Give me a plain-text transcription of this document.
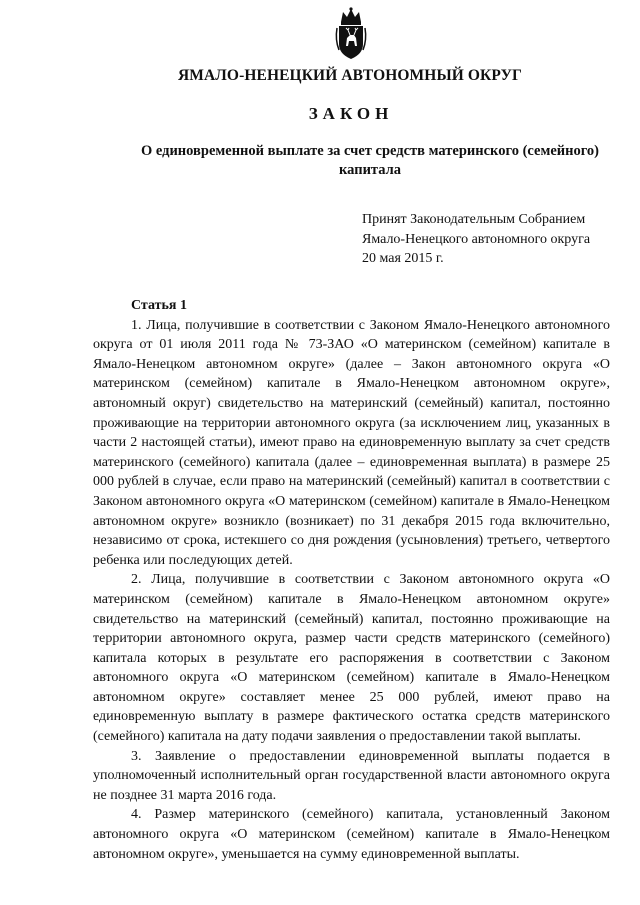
ЯМАЛО-НЕНЕЦКИЙ АВТОНОМНЫЙ ОКРУГ
ЗАКОН
О единовременной выплате за счет средств материнского (семейного) капитала
Принят Законодательным Собранием
Ямало-Ненецкого автономного округа
20 мая 2015 г.

Статья 1

1. Лица, получившие в соответствии с Законом Ямало-Ненецкого автономного округа от 01 июля 2011 года № 73-ЗАО «О материнском (семейном) капитале в Ямало-Ненецком автономном округе» (далее – Закон автономного округа «О материнском (семейном) капитале в Ямало-Ненецком автономном округе», автономный округ) свидетельство на материнский (семейный) капитал, постоянно проживающие на территории автономного округа (за исключением лиц, указанных в части 2 настоящей статьи), имеют право на единовременную выплату за счет средств материнского (семейного) капитала (далее – единовременная выплата) в размере 25 000 рублей в случае, если право на материнский (семейный) капитал в соответствии с Законом автономного округа «О материнском (семейном) капитале в Ямало-Ненецком автономном округе» возникло (возникает) по 31 декабря 2015 года включительно, независимо от срока, истекшего со дня рождения (усыновления) третьего, четвертого ребенка или последующих детей.

2. Лица, получившие в соответствии с Законом автономного округа «О материнском (семейном) капитале в Ямало-Ненецком автономном округе» свидетельство на материнский (семейный) капитал, постоянно проживающие на территории автономного округа, размер части средств материнского (семейного) капитала которых в результате его распоряжения в соответствии с Законом автономного округа «О материнском (семейном) капитале в Ямало-Ненецком автономном округе» составляет менее 25 000 рублей, имеют право на единовременную выплату в размере фактического остатка средств материнского (семейного) капитала на дату подачи заявления о предоставлении такой выплаты.

3. Заявление о предоставлении единовременной выплаты подается в уполномоченный исполнительный орган государственной власти автономного округа не позднее 31 марта 2016 года.

4. Размер материнского (семейного) капитала, установленный Законом автономного округа «О материнском (семейном) капитале в Ямало-Ненецком автономном округе», уменьшается на сумму единовременной выплаты.
